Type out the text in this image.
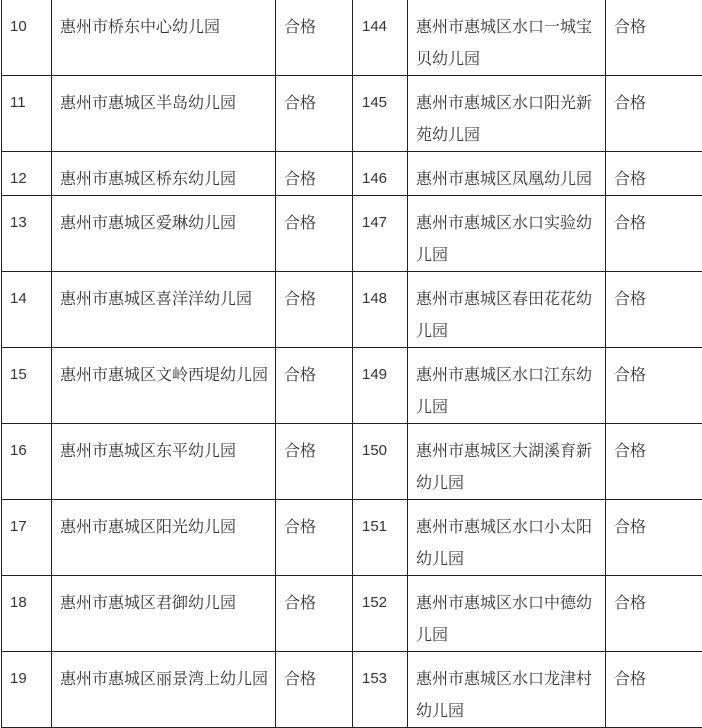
10	惠州市桥东中心幼儿园	合格	144	惠州市惠城区水口一城宝贝幼儿园	合格
11	惠州市惠城区半岛幼儿园	合格	145	惠州市惠城区水口阳光新苑幼儿园	合格
12	惠州市惠城区桥东幼儿园	合格	146	惠州市惠城区凤凰幼儿园	合格
13	惠州市惠城区爱琳幼儿园	合格	147	惠州市惠城区水口实验幼儿园	合格
14	惠州市惠城区喜洋洋幼儿园	合格	148	惠州市惠城区春田花花幼儿园	合格
15	惠州市惠城区文岭西堤幼儿园	合格	149	惠州市惠城区水口江东幼儿园	合格
16	惠州市惠城区东平幼儿园	合格	150	惠州市惠城区大湖溪育新幼儿园	合格
17	惠州市惠城区阳光幼儿园	合格	151	惠州市惠城区水口小太阳幼儿园	合格
18	惠州市惠城区君御幼儿园	合格	152	惠州市惠城区水口中德幼儿园	合格
19	惠州市惠城区丽景湾上幼儿园	合格	153	惠州市惠城区水口龙津村幼儿园	合格
